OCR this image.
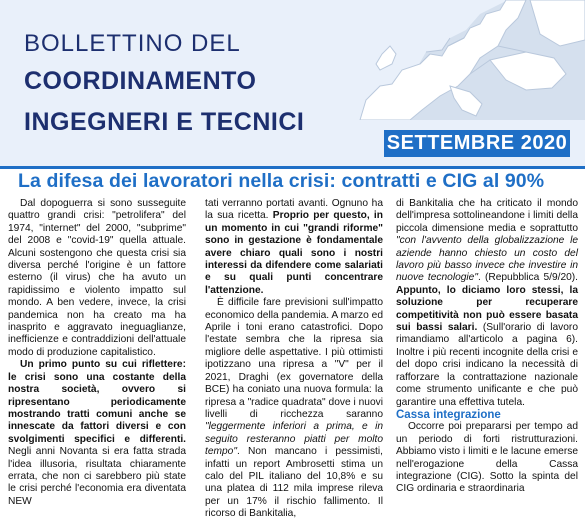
BOLLETTINO DEL
COORDINAMENTO
INGEGNERI E TECNICI
SETTEMBRE 2020
La difesa dei lavoratori nella crisi: contratti e CIG al 90%

Dal dopoguerra si sono susseguite quattro grandi crisi: "petrolifera" del 1974, "internet" del 2000, "subprime" del 2008 e "covid-19" quella attuale. Alcuni sostengono che questa crisi sia diversa perché l'origine è un fattore esterno (il virus) che ha avuto un rapidissimo e violento impatto sul mondo. A ben vedere, invece, la crisi pandemica non ha creato ma ha inasprito e aggravato ineguaglianze, inefficienze e contraddizioni dell'attuale modo di produzione capitalistico.

Un primo punto su cui riflettere: le crisi sono una costante della nostra società, ovvero si ripresentano periodicamente mostrando tratti comuni anche se innescate da fattori diversi e con svolgimenti specifici e differenti. Negli anni Novanta si era fatta strada l'idea illusoria, risultata chiaramente errata, che non ci sarebbero più state le crisi perché l'economia era diventata NEW

tati verranno portati avanti. Ognuno ha la sua ricetta. Proprio per questo, in un momento in cui "grandi riforme" sono in gestazione è fondamentale avere chiaro quali sono i nostri interessi da difendere come salariati e su quali punti concentrare l'attenzione.

È difficile fare previsioni sull'impatto economico della pandemia. A marzo ed Aprile i toni erano catastrofici. Dopo l'estate sembra che la ripresa sia migliore delle aspettative. I più ottimisti ipotizzano una ripresa a "V" per il 2021, Draghi (ex governatore della BCE) ha coniato una nuova formula: la ripresa a "radice quadrata" dove i nuovi livelli di ricchezza saranno "leggermente inferiori a prima, e in seguito resteranno piatti per molto tempo". Non mancano i pessimisti, infatti un report Ambrosetti stima un calo del PIL italiano del 10,8% e su una platea di 112 mila imprese rileva per un 17% il rischio fallimento. Il ricorso di Bankitalia,

di Bankitalia che ha criticato il mondo dell'impresa sottolineandone i limiti della piccola dimensione media e soprattutto "con l'avvento della globalizzazione le aziende hanno chiesto un costo del lavoro più basso invece che investire in nuove tecnologie". (Repubblica 5/9/20). Appunto, lo diciamo loro stessi, la soluzione per recuperare competitività non può essere basata sui bassi salari. (Sull'orario di lavoro rimandiamo all'articolo a pagina 6). Inoltre i più recenti incognite della crisi e del dopo crisi indicano la necessità di rafforzare la contrattazione nazionale come strumento unificante e che può garantire una effettiva tutela.

Cassa integrazione

Occorre poi prepararsi per tempo ad un periodo di forti ristrutturazioni. Abbiamo visto i limiti e le lacune emerse nell'erogazione della Cassa integrazione (CIG). Sotto la spinta del CIG ordinaria e straordinaria
